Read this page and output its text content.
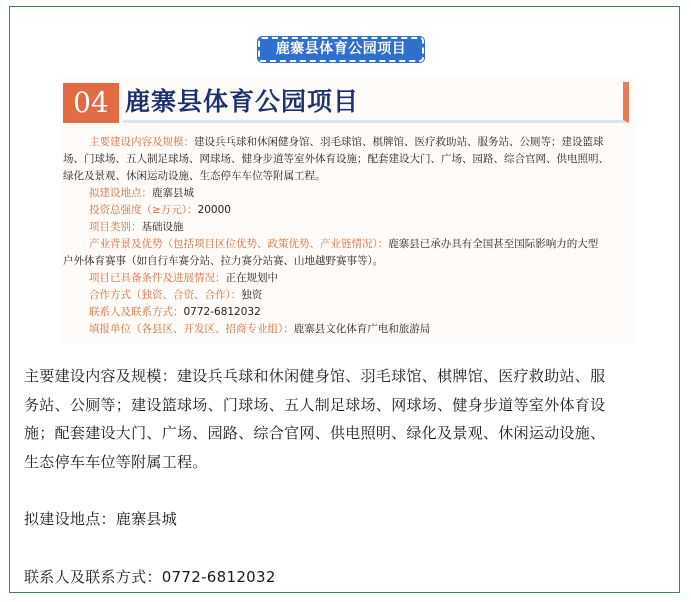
鹿寨县体育公园项目
04 鹿寨县体育公园项目
主要建设内容及规模：建设兵乓球和休闲健身馆、羽毛球馆、棋牌馆、医疗救助站、服务站、公厕等；建设篮球
场、门球场、五人制足球场、网球场、健身步道等室外体育设施；配套建设大门、广场、园路、综合官网、供电照明、
绿化及景观、休闲运动设施、生态停车车位等附属工程。
拟建设地点：鹿寨县城
投资总强度（≥万元）：20000
项目类别：基础设施
产业背景及优势（包括项目区位优势、政策优势、产业链情况）：鹿寨县已承办具有全国甚至国际影响力的大型
户外体育赛事（如自行车赛分站、拉力赛分站赛、山地越野赛事等）。
项目已具备条件及进展情况：正在规划中
合作方式（独资、合资、合作）：独资
联系人及联系方式：0772-6812032
填报单位（各县区、开发区、招商专业组）：鹿寨县文化体育广电和旅游局
主要建设内容及规模：建设兵乓球和休闲健身馆、羽毛球馆、棋牌馆、医疗救助站、服
务站、公厕等；建设篮球场、门球场、五人制足球场、网球场、健身步道等室外体育设
施；配套建设大门、广场、园路、综合官网、供电照明、绿化及景观、休闲运动设施、
生态停车车位等附属工程。
拟建设地点：鹿寨县城
联系人及联系方式：0772-6812032
